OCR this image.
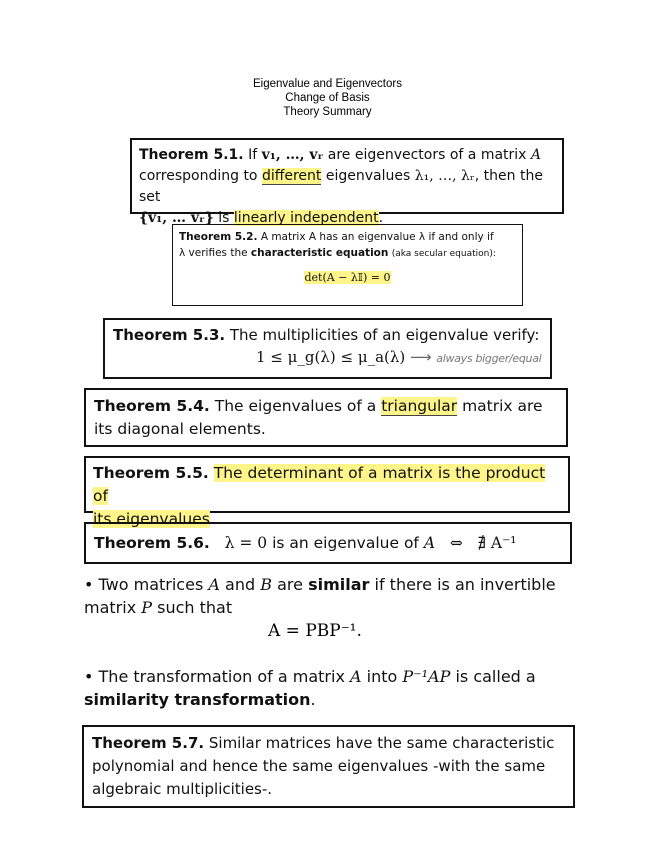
Eigenvalue and Eigenvectors
Change of Basis
Theory Summary
Theorem 5.1. If v₁, …, vᵣ are eigenvectors of a matrix A
corresponding to different eigenvalues λ₁, …, λᵣ, then the set
{v₁, … vᵣ} is linearly independent.
Theorem 5.2. A matrix A has an eigenvalue λ if and only if
λ verifies the characteristic equation (aka secular equation):
det(A − λ𝕀) = 0
Theorem 5.3. The multiplicities of an eigenvalue verify:
1 ≤ μ_g(λ) ≤ μ_a(λ) ⟶ always bigger/equal
Theorem 5.4. The eigenvalues of a triangular matrix are
its diagonal elements.
Theorem 5.5. The determinant of a matrix is the product of
its eigenvalues
Theorem 5.6. λ = 0 is an eigenvalue of A ⇔ ∄ A⁻¹
• Two matrices A and B are similar if there is an invertible
matrix P such that
A = PBP⁻¹.
• The transformation of a matrix A into P⁻¹AP is called a
similarity transformation.
Theorem 5.7. Similar matrices have the same characteristic
polynomial and hence the same eigenvalues -with the same
algebraic multiplicities-.
